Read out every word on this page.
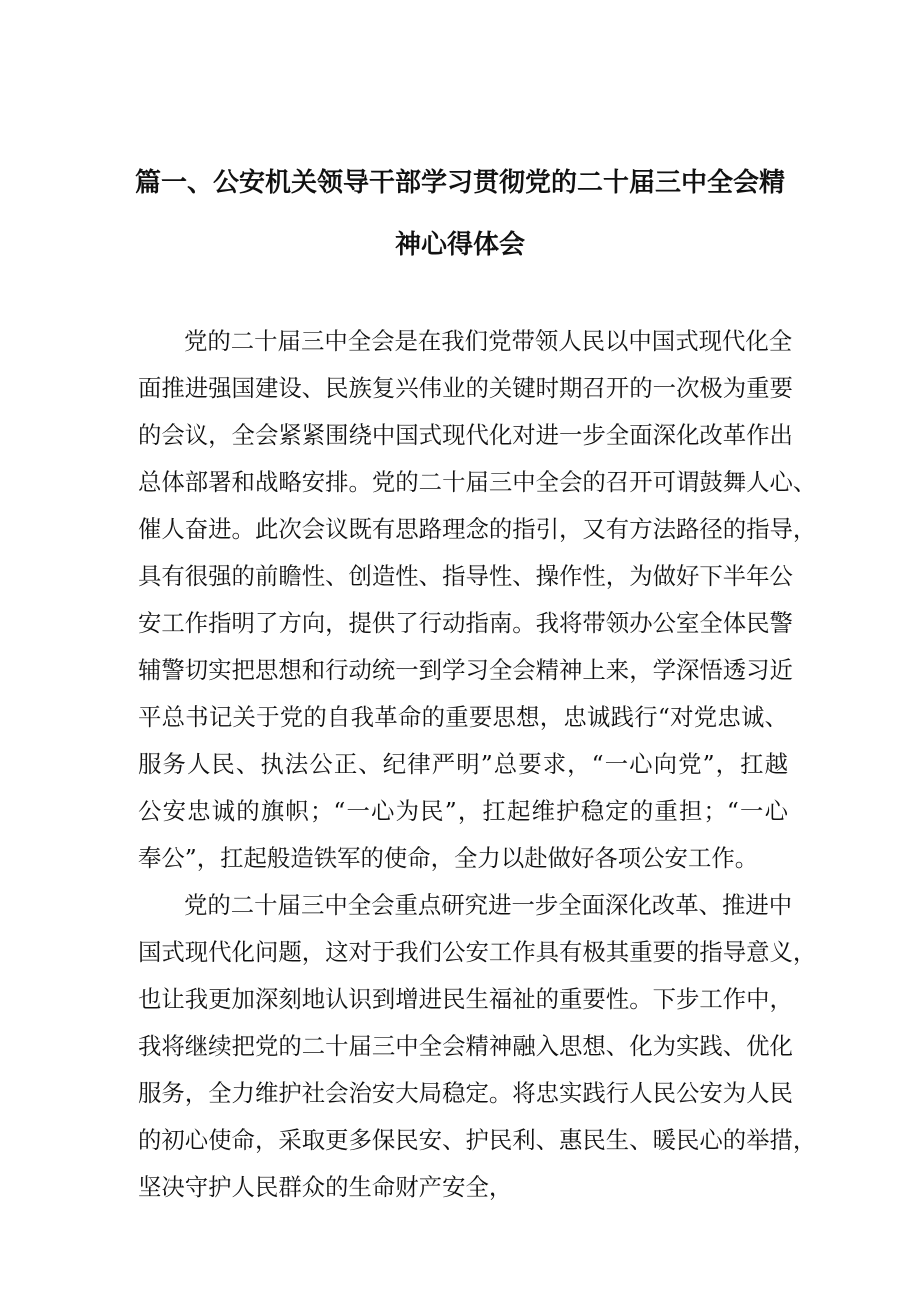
篇一、公安机关领导干部学习贯彻党的二十届三中全会精
神心得体会
党的二十届三中全会是在我们党带领人民以中国式现代化全
面推进强国建设、民族复兴伟业的关键时期召开的一次极为重要
的会议，全会紧紧围绕中国式现代化对进一步全面深化改革作出
总体部署和战略安排。党的二十届三中全会的召开可谓鼓舞人心、
催人奋进。此次会议既有思路理念的指引，又有方法路径的指导，
具有很强的前瞻性、创造性、指导性、操作性，为做好下半年公
安工作指明了方向，提供了行动指南。我将带领办公室全体民警
辅警切实把思想和行动统一到学习全会精神上来，学深悟透习近
平总书记关于党的自我革命的重要思想，忠诚践行“对党忠诚、
服务人民、执法公正、纪律严明”总要求，“一心向党”，扛越
公安忠诚的旗帜；“一心为民”，扛起维护稳定的重担；“一心
奉公”，扛起般造铁军的使命，全力以赴做好各项公安工作。
党的二十届三中全会重点研究进一步全面深化改革、推进中
国式现代化问题，这对于我们公安工作具有极其重要的指导意义，
也让我更加深刻地认识到增进民生福祉的重要性。下步工作中，
我将继续把党的二十届三中全会精神融入思想、化为实践、优化
服务，全力维护社会治安大局稳定。将忠实践行人民公安为人民
的初心使命，采取更多保民安、护民利、惠民生、暖民心的举措，
坚决守护人民群众的生命财产安全，
